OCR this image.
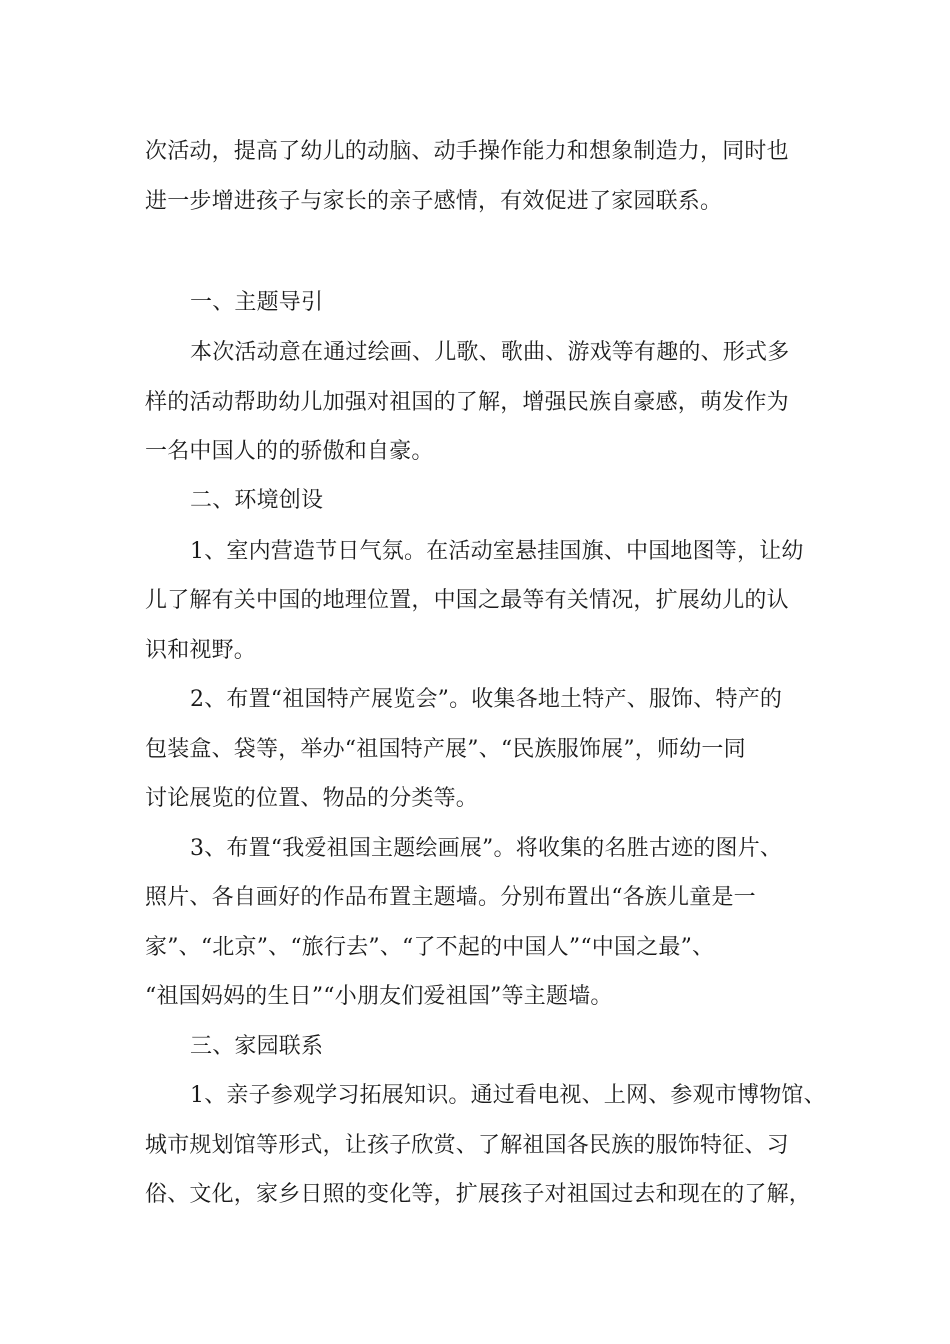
次活动，提高了幼儿的动脑、动手操作能力和想象制造力，同时也
进一步增进孩子与家长的亲子感情，有效促进了家园联系。
一、主题导引
本次活动意在通过绘画、儿歌、歌曲、游戏等有趣的、形式多
样的活动帮助幼儿加强对祖国的了解，增强民族自豪感，萌发作为
一名中国人的的骄傲和自豪。
二、环境创设
1、室内营造节日气氛。在活动室悬挂国旗、中国地图等，让幼
儿了解有关中国的地理位置，中国之最等有关情况，扩展幼儿的认
识和视野。
2、布置“祖国特产展览会”。收集各地土特产、服饰、特产的
包装盒、袋等，举办“祖国特产展”、“民族服饰展”，师幼一同
讨论展览的位置、物品的分类等。
3、布置“我爱祖国主题绘画展”。将收集的名胜古迹的图片、
照片、各自画好的作品布置主题墙。分别布置出“各族儿童是一
家”、“北京”、“旅行去”、“了不起的中国人”“中国之最”、
“祖国妈妈的生日”“小朋友们爱祖国”等主题墙。
三、家园联系
1、亲子参观学习拓展知识。通过看电视、上网、参观市博物馆、
城市规划馆等形式，让孩子欣赏、了解祖国各民族的服饰特征、习
俗、文化，家乡日照的变化等，扩展孩子对祖国过去和现在的了解，
